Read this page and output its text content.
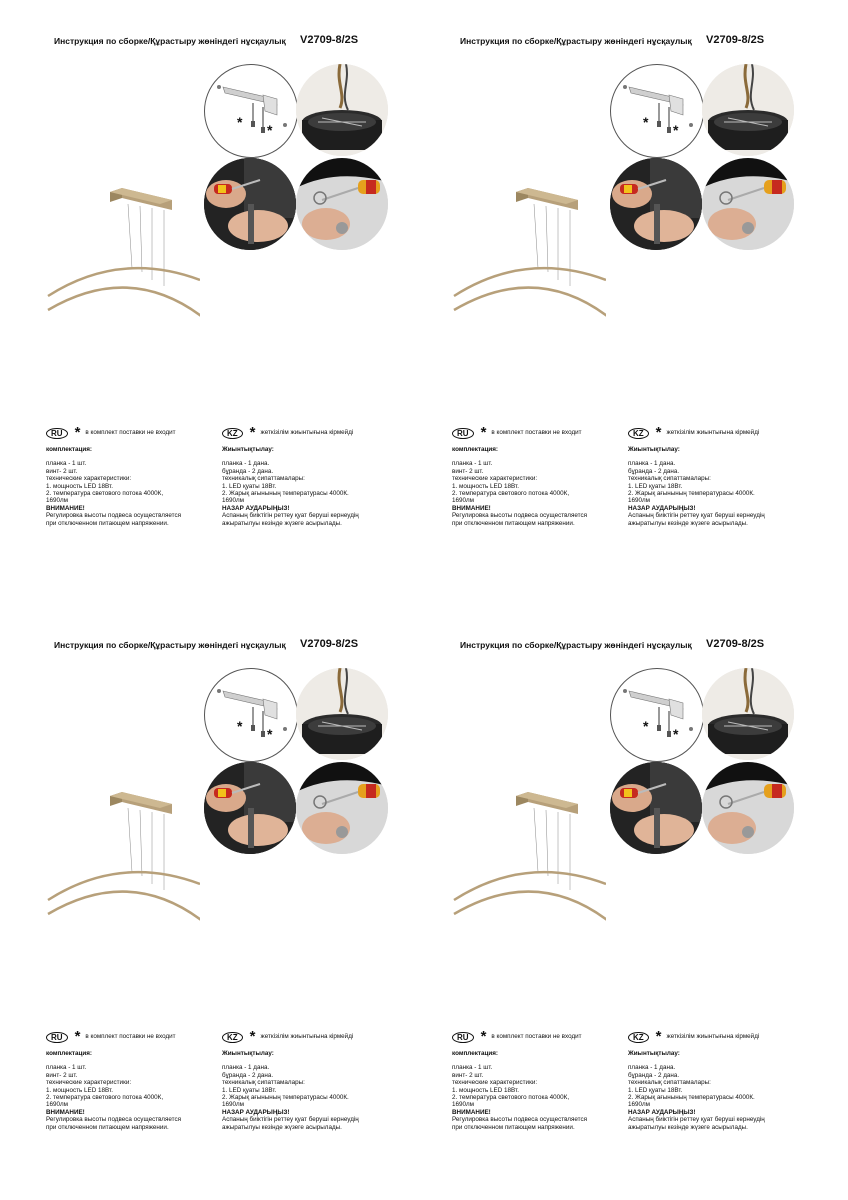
Инструкция по сборке/Құрастыру жөніндегі нұсқаулық V2709-8/2S
* *
RU * в комплект поставки не входит
комплектация:
планка - 1 шт.
винт- 2 шт.
технические характеристики:
1. мощность LED 18Вт.
2. температура светового потока 4000К,
1690лм
ВНИМАНИЕ!
Регулировка высоты подвеса осуществляется
при отключенном питающем напряжении.
KZ * жеткізілім жиынтығына кірмейді
Жиынтықтылау:
планка - 1 дана.
бұранда - 2 дана.
техникалық сипаттамалары:
1. LED қуаты 18Вт.
2. Жарық ағынының температурасы 4000К.
1690лм
НАЗАР АУДАРЫҢЫЗ!
Аспаның биіктігін реттеу қуат беруші кернеудің
ажыратылуы кезінде жүзеге асырылады.
Инструкция по сборке/Құрастыру жөніндегі нұсқаулық V2709-8/2S
* *
RU * в комплект поставки не входит
комплектация:
планка - 1 шт.
винт- 2 шт.
технические характеристики:
1. мощность LED 18Вт.
2. температура светового потока 4000К,
1690лм
ВНИМАНИЕ!
Регулировка высоты подвеса осуществляется
при отключенном питающем напряжении.
KZ * жеткізілім жиынтығына кірмейді
Жиынтықтылау:
планка - 1 дана.
бұранда - 2 дана.
техникалық сипаттамалары:
1. LED қуаты 18Вт.
2. Жарық ағынының температурасы 4000К.
1690лм
НАЗАР АУДАРЫҢЫЗ!
Аспаның биіктігін реттеу қуат беруші кернеудің
ажыратылуы кезінде жүзеге асырылады.
Инструкция по сборке/Құрастыру жөніндегі нұсқаулық V2709-8/2S
* *
RU * в комплект поставки не входит
комплектация:
планка - 1 шт.
винт- 2 шт.
технические характеристики:
1. мощность LED 18Вт.
2. температура светового потока 4000К,
1690лм
ВНИМАНИЕ!
Регулировка высоты подвеса осуществляется
при отключенном питающем напряжении.
KZ * жеткізілім жиынтығына кірмейді
Жиынтықтылау:
планка - 1 дана.
бұранда - 2 дана.
техникалық сипаттамалары:
1. LED қуаты 18Вт.
2. Жарық ағынының температурасы 4000К.
1690лм
НАЗАР АУДАРЫҢЫЗ!
Аспаның биіктігін реттеу қуат беруші кернеудің
ажыратылуы кезінде жүзеге асырылады.
Инструкция по сборке/Құрастыру жөніндегі нұсқаулық V2709-8/2S
* *
RU * в комплект поставки не входит
комплектация:
планка - 1 шт.
винт- 2 шт.
технические характеристики:
1. мощность LED 18Вт.
2. температура светового потока 4000К,
1690лм
ВНИМАНИЕ!
Регулировка высоты подвеса осуществляется
при отключенном питающем напряжении.
KZ * жеткізілім жиынтығына кірмейді
Жиынтықтылау:
планка - 1 дана.
бұранда - 2 дана.
техникалық сипаттамалары:
1. LED қуаты 18Вт.
2. Жарық ағынының температурасы 4000К.
1690лм
НАЗАР АУДАРЫҢЫЗ!
Аспаның биіктігін реттеу қуат беруші кернеудің
ажыратылуы кезінде жүзеге асырылады.
